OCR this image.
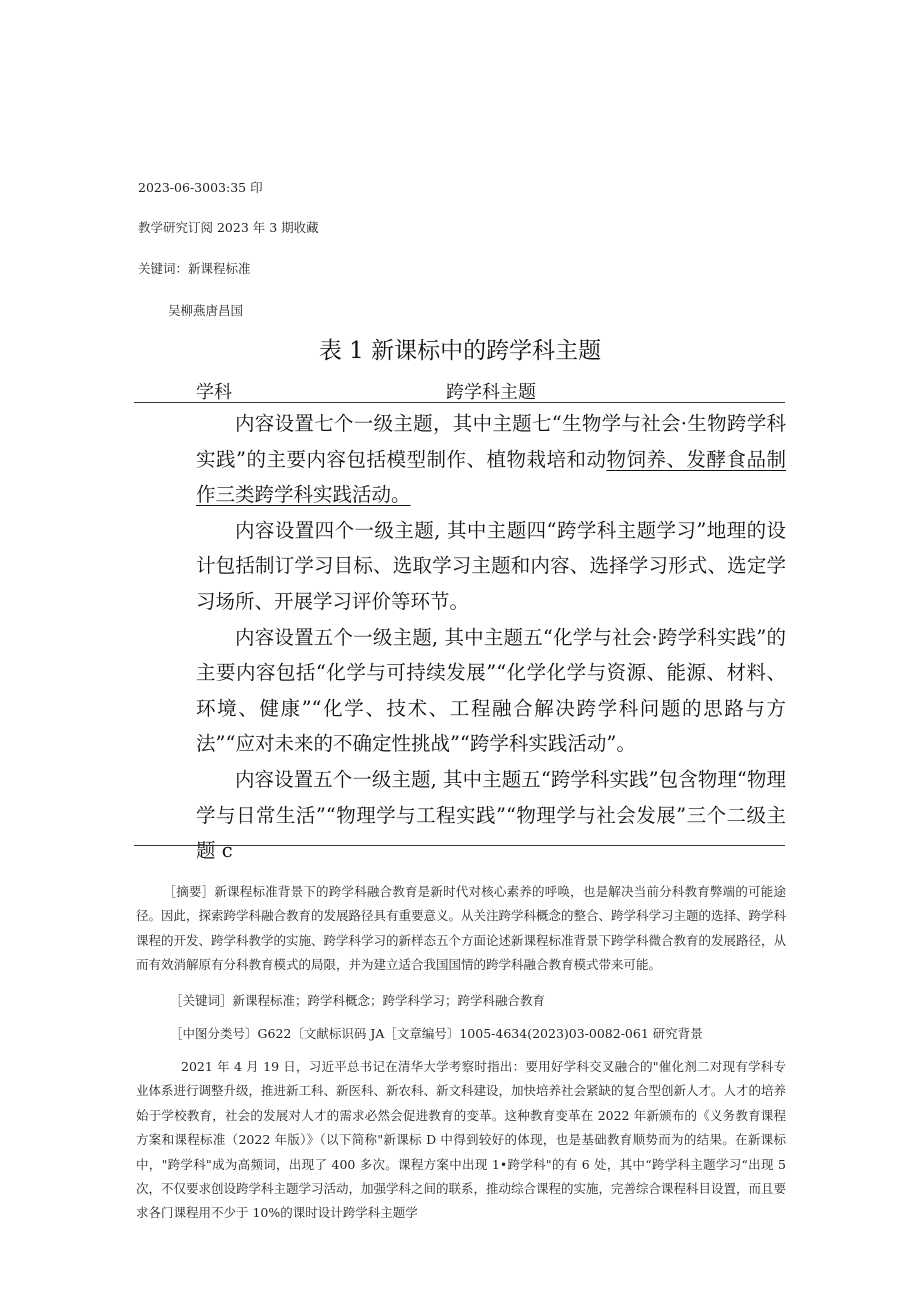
2023-06-3003:35 印
教学研究订阅 2023 年 3 期收藏
关键词：新课程标准
吴柳燕唐昌国
表 1 新课标中的跨学科主题
学科	跨学科主题

内容设置七个一级主题，其中主题七“生物学与社会·生物跨学科实践”的主要内容包括模型制作、植物栽培和动物饲养、发酵食品制作三类跨学科实践活动。

内容设置四个一级主题, 其中主题四“跨学科主题学习”地理的设计包括制订学习目标、选取学习主题和内容、选择学习形式、选定学习场所、开展学习评价等环节。

内容设置五个一级主题, 其中主题五“化学与社会·跨学科实践”的主要内容包括“化学与可持续发展”“化学化学与资源、能源、材料、环境、健康”“化学、技术、工程融合解决跨学科问题的思路与方法”“应对未来的不确定性挑战”“跨学科实践活动”。

内容设置五个一级主题, 其中主题五“跨学科实践”包含物理“物理学与日常生活”“物理学与工程实践”“物理学与社会发展”三个二级主题 c

［摘要］新课程标准背景下的跨学科融合教育是新时代对核心素养的呼唤，也是解决当前分科教育弊端的可能途径。因此，探索跨学科融合教育的发展路径具有重要意义。从关注跨学科概念的整合、跨学科学习主题的选择、跨学科课程的开发、跨学科教学的实施、跨学科学习的新样态五个方面论述新课程标准背景下跨学科微合教育的发展路径，从而有效消解原有分科教育模式的局限，并为建立适合我国国情的跨学科融合教育模式带来可能。

［关键词］新课程标准；跨学科概念；跨学科学习；跨学科融合教育
［中图分类号〕G622〔文献标识码 JA［文章编号〕1005-4634(2023)03-0082-061 研究背景

2021 年 4 月 19 日，习近平总书记在清华大学考察时指出：要用好学科交叉融合的"催化剂二对现有学科专业体系进行调整升级，推进新工科、新医科、新农科、新文科建设，加快培养社会紧缺的复合型创新人才。人才的培养始于学校教育，社会的发展对人才的需求必然会促进教育的变革。这种教育变革在 2022 年新颁布的《义务教育课程方案和课程标准（2022 年版）》（以下简称"新课标 D 中得到较好的体现，也是基础教育顺势而为的结果。在新课标中，"跨学科"成为高频词，出现了 400 多次。课程方案中出现 1•跨学科"的有 6 处，其中“跨学科主题学习“出现 5 次，不仅要求创设跨学科主题学习活动，加强学科之间的联系，推动综合课程的实施，完善综合课程科目设置，而且要求各门课程用不少于 10%的课时设计跨学科主题学
